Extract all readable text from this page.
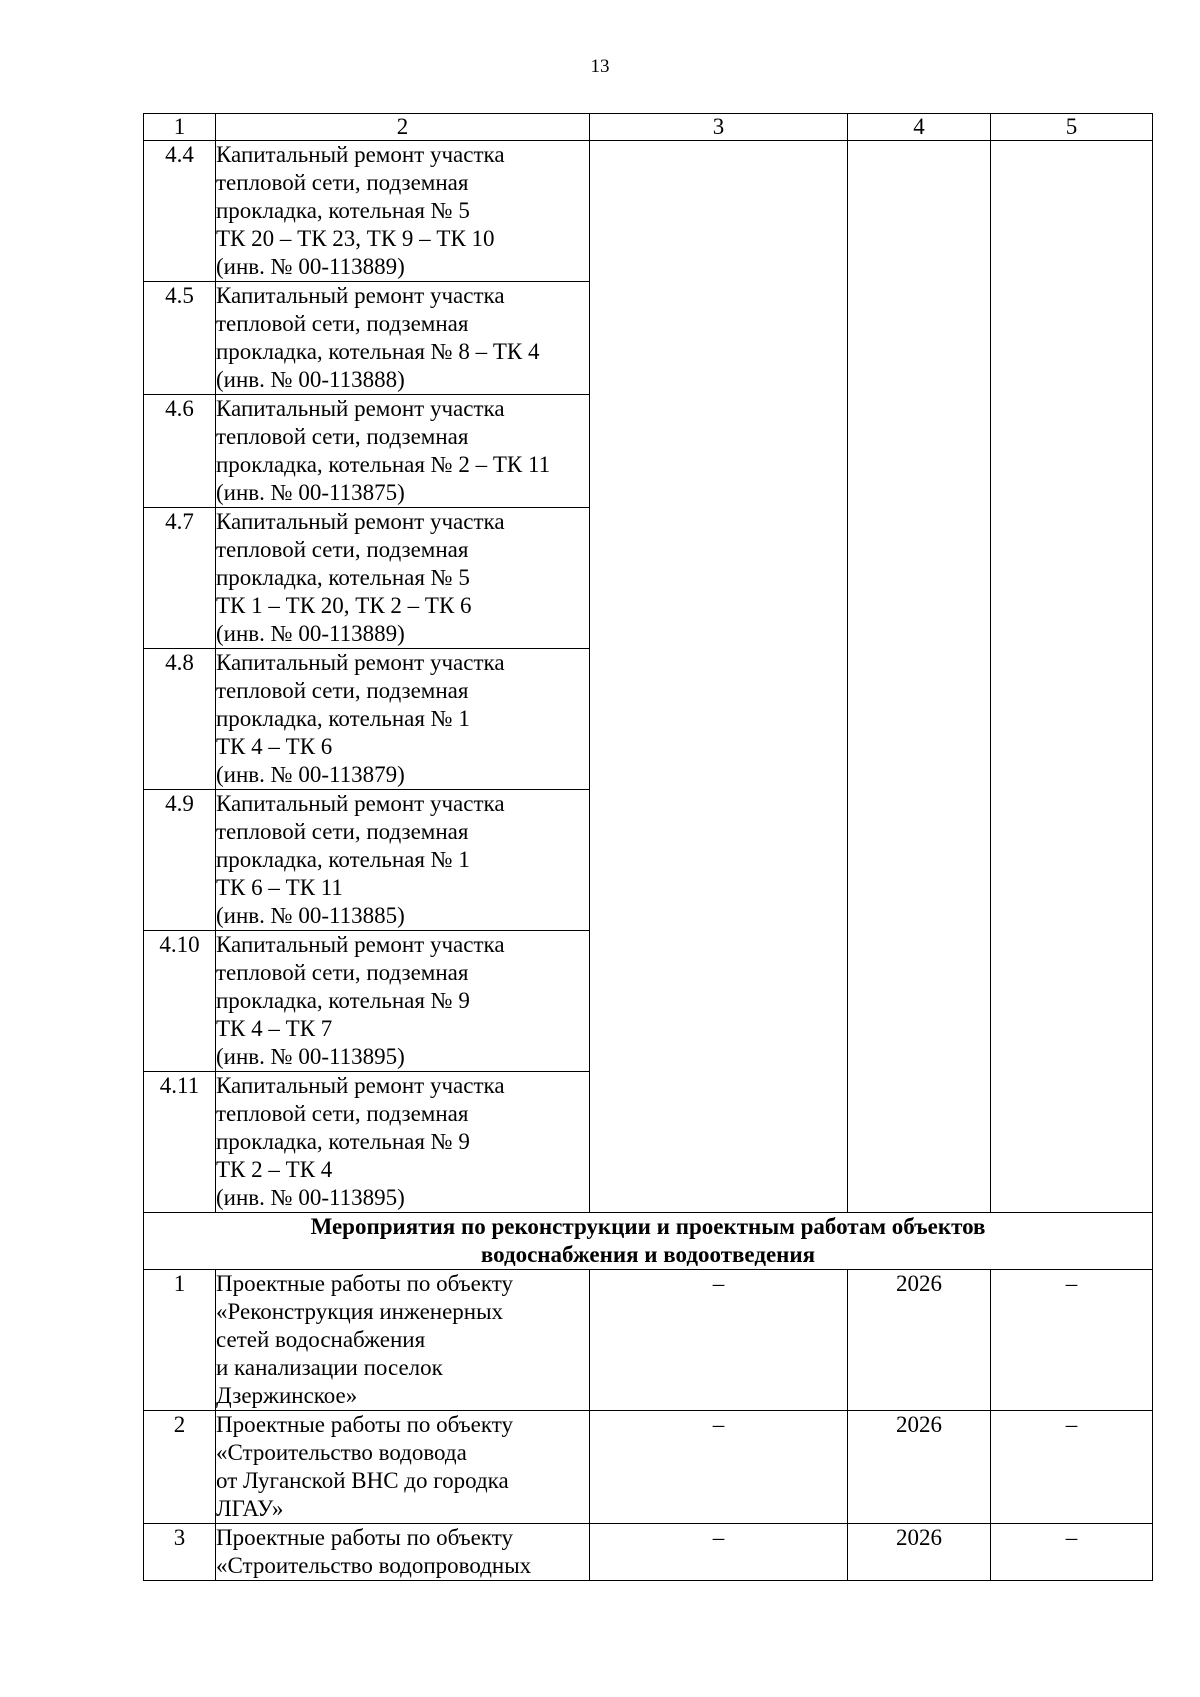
13
1	2	3	4	5
4.4	Капитальный ремонт участка
тепловой сети, подземная
прокладка, котельная № 5
ТК 20 – ТК 23, ТК 9 – ТК 10
(инв. № 00-113889)			

4.5	Капитальный ремонт участка
тепловой сети, подземная
прокладка, котельная № 8 – ТК 4
(инв. № 00-113888)			

4.6	Капитальный ремонт участка
тепловой сети, подземная
прокладка, котельная № 2 – ТК 11
(инв. № 00-113875)			

4.7	Капитальный ремонт участка
тепловой сети, подземная
прокладка, котельная № 5
ТК 1 – ТК 20, ТК 2 – ТК 6
(инв. № 00-113889)			

4.8	Капитальный ремонт участка
тепловой сети, подземная
прокладка, котельная № 1
ТК 4 – ТК 6
(инв. № 00-113879)			

4.9	Капитальный ремонт участка
тепловой сети, подземная
прокладка, котельная № 1
ТК 6 – ТК 11
(инв. № 00-113885)			

4.10	Капитальный ремонт участка
тепловой сети, подземная
прокладка, котельная № 9
ТК 4 – ТК 7
(инв. № 00-113895)			

4.11	Капитальный ремонт участка
тепловой сети, подземная
прокладка, котельная № 9
ТК 2 – ТК 4
(инв. № 00-113895)			

Мероприятия по реконструкции и проектным работам объектов
водоснабжения и водоотведения				

1	Проектные работы по объекту
«Реконструкция инженерных
сетей водоснабжения
и канализации поселок
Дзержинское»	–	2026	–
2	Проектные работы по объекту
«Строительство водовода
от Луганской ВНС до городка
ЛГАУ»	–	2026	–
3	Проектные работы по объекту
«Строительство водопроводных	–	2026	–
